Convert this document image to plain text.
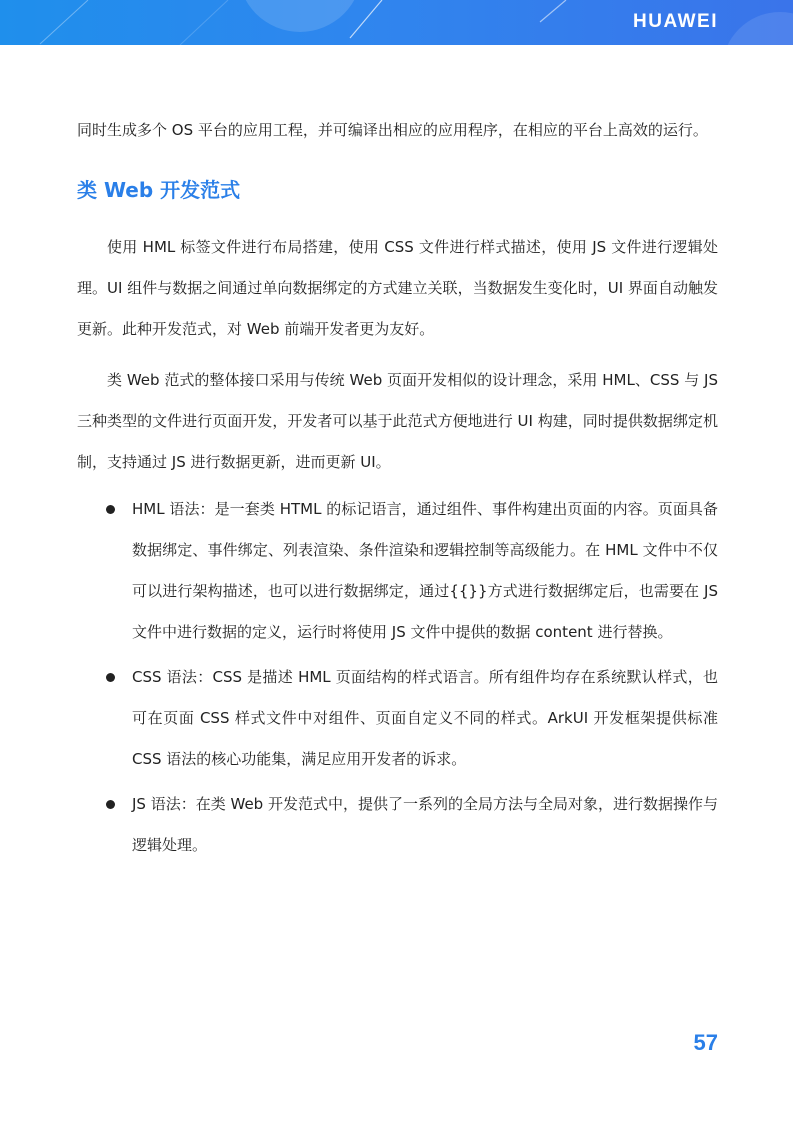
HUAWEI

同时生成多个 OS 平台的应用工程，并可编译出相应的应用程序，在相应的平台上高效的运行。

类 Web 开发范式

使用 HML 标签文件进行布局搭建，使用 CSS 文件进行样式描述，使用 JS 文件进行逻辑处理。UI 组件与数据之间通过单向数据绑定的方式建立关联，当数据发生变化时，UI 界面自动触发更新。此种开发范式，对 Web 前端开发者更为友好。

类 Web 范式的整体接口采用与传统 Web 页面开发相似的设计理念，采用 HML、CSS 与 JS 三种类型的文件进行页面开发，开发者可以基于此范式方便地进行 UI 构建，同时提供数据绑定机制，支持通过 JS 进行数据更新，进而更新 UI。

HML 语法：是一套类 HTML 的标记语言，通过组件、事件构建出页面的内容。页面具备数据绑定、事件绑定、列表渲染、条件渲染和逻辑控制等高级能力。在 HML 文件中不仅可以进行架构描述，也可以进行数据绑定，通过{{}}方式进行数据绑定后，也需要在 JS 文件中进行数据的定义，运行时将使用 JS 文件中提供的数据 content 进行替换。
CSS 语法：CSS 是描述 HML 页面结构的样式语言。所有组件均存在系统默认样式，也可在页面 CSS 样式文件中对组件、页面自定义不同的样式。ArkUI 开发框架提供标准 CSS 语法的核心功能集，满足应用开发者的诉求。
JS 语法：在类 Web 开发范式中，提供了一系列的全局方法与全局对象，进行数据操作与逻辑处理。
57
